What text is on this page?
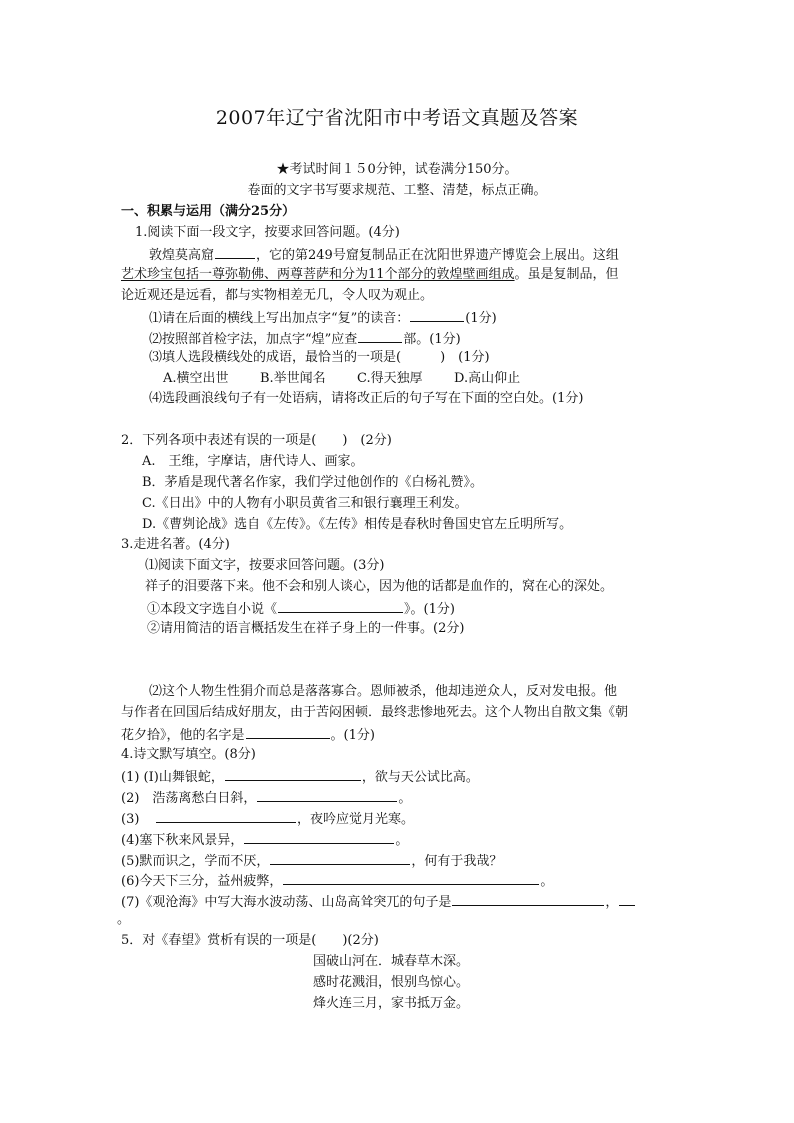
2007年辽宁省沈阳市中考语文真题及答案
★考试时间１５0分钟，试卷满分150分。
卷面的文字书写要求规范、工整、清楚，标点正确。
一、积累与运用（满分25分）
1.阅读下面一段文字，按要求回答问题。(4分)
敦煌莫高窟	，它的第249号窟复制品正在沈阳世界遗产博览会上展出。这组
艺术珍宝包括一尊弥勒佛、两尊菩萨和分为11个部分的敦煌壁画组成。虽是复制品，但
论近观还是远看，都与实物相差无几，令人叹为观止。
⑴请在后面的横线上写出加点字“复”的读音：	(1分)
⑵按照部首检字法，加点字“煌”应查	部。(1分)
⑶填人选段横线处的成语，最恰当的一项是(　　　)　(1分)
A.横空出世 B.举世闻名 C.得天独厚 D.高山仰止
⑷选段画浪线句子有一处语病，请将改正后的句子写在下面的空白处。(1分)
2．下列各项中表述有误的一项是(　　)　(2分)
A.　王维，字摩诘，唐代诗人、画家。
B．茅盾是现代著名作家，我们学过他创作的《白杨礼赞》。
C.《日出》中的人物有小职员黄省三和银行襄理王利发。
D.《曹刿论战》选自《左传》。《左传》相传是春秋时鲁国史官左丘明所写。
3.走进名著。(4分)
⑴阅读下面文字，按要求回答问题。(3分)
祥子的泪要落下来。他不会和别人谈心，因为他的话都是血作的，窝在心的深处。
①本段文字选自小说《	》。(1分)
②请用简洁的语言概括发生在祥子身上的一件事。(2分)
⑵这个人物生性狷介而总是落落寡合。恩师被杀，他却违逆众人，反对发电报。他
与作者在回国后结成好朋友，由于苦闷困顿．最终悲惨地死去。这个人物出自散文集《朝
花夕拾》，他的名字是	。(1分)
4.诗文默写填空。(8分)
(1) (I)山舞银蛇，	，欲与天公试比高。
(2)　浩荡离愁白日斜，	。
(3)	，夜吟应觉月光寒。
(4)塞下秋来风景异，	。
(5)默而识之，学而不厌，	，何有于我哉？
(6)今天下三分，益州疲弊，	。
(7)《观沧海》中写大海水波动荡、山岛高耸突兀的句子是	，
。
5．对《春望》赏析有误的一项是(　　)(2分)
国破山河在．城春草木深。
感时花溅泪，恨别鸟惊心。
烽火连三月，家书抵万金。
